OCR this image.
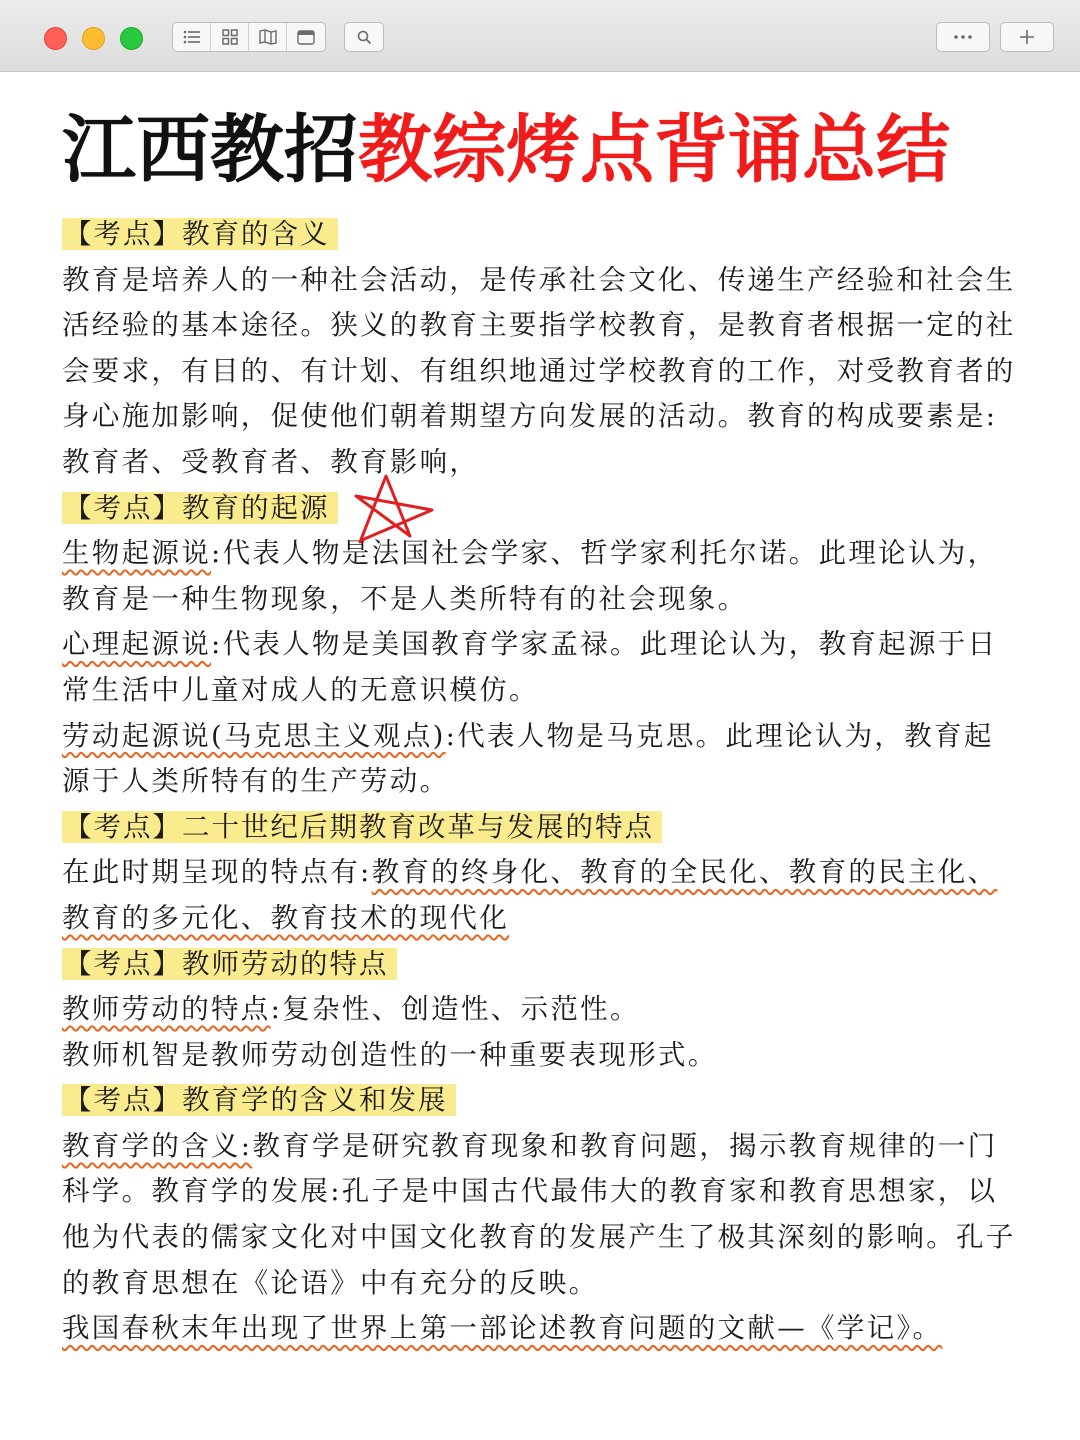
江西教招教综烤点背诵总结

【考点】教育的含义

教育是培养人的一种社会活动，是传承社会文化、传递生产经验和社会生活经验的基本途径。狭义的教育主要指学校教育，是教育者根据一定的社会要求，有目的、有计划、有组织地通过学校教育的工作，对受教育者的身心施加影响，促使他们朝着期望方向发展的活动。教育的构成要素是:教育者、受教育者、教育影响，

【考点】教育的起源

生物起源说:代表人物是法国社会学家、哲学家利托尔诺。此理论认为，教育是一种生物现象，不是人类所特有的社会现象。

心理起源说:代表人物是美国教育学家孟禄。此理论认为，教育起源于日常生活中儿童对成人的无意识模仿。

劳动起源说(马克思主义观点):代表人物是马克思。此理论认为，教育起源于人类所特有的生产劳动。

【考点】二十世纪后期教育改革与发展的特点

在此时期呈现的特点有:教育的终身化、教育的全民化、教育的民主化、教育的多元化、教育技术的现代化

【考点】教师劳动的特点

教师劳动的特点:复杂性、创造性、示范性。

教师机智是教师劳动创造性的一种重要表现形式。

【考点】教育学的含义和发展

教育学的含义:教育学是研究教育现象和教育问题，揭示教育规律的一门科学。教育学的发展:孔子是中国古代最伟大的教育家和教育思想家，以他为代表的儒家文化对中国文化教育的发展产生了极其深刻的影响。孔子的教育思想在《论语》中有充分的反映。

我国春秋末年出现了世界上第一部论述教育问题的文献—《学记》。
